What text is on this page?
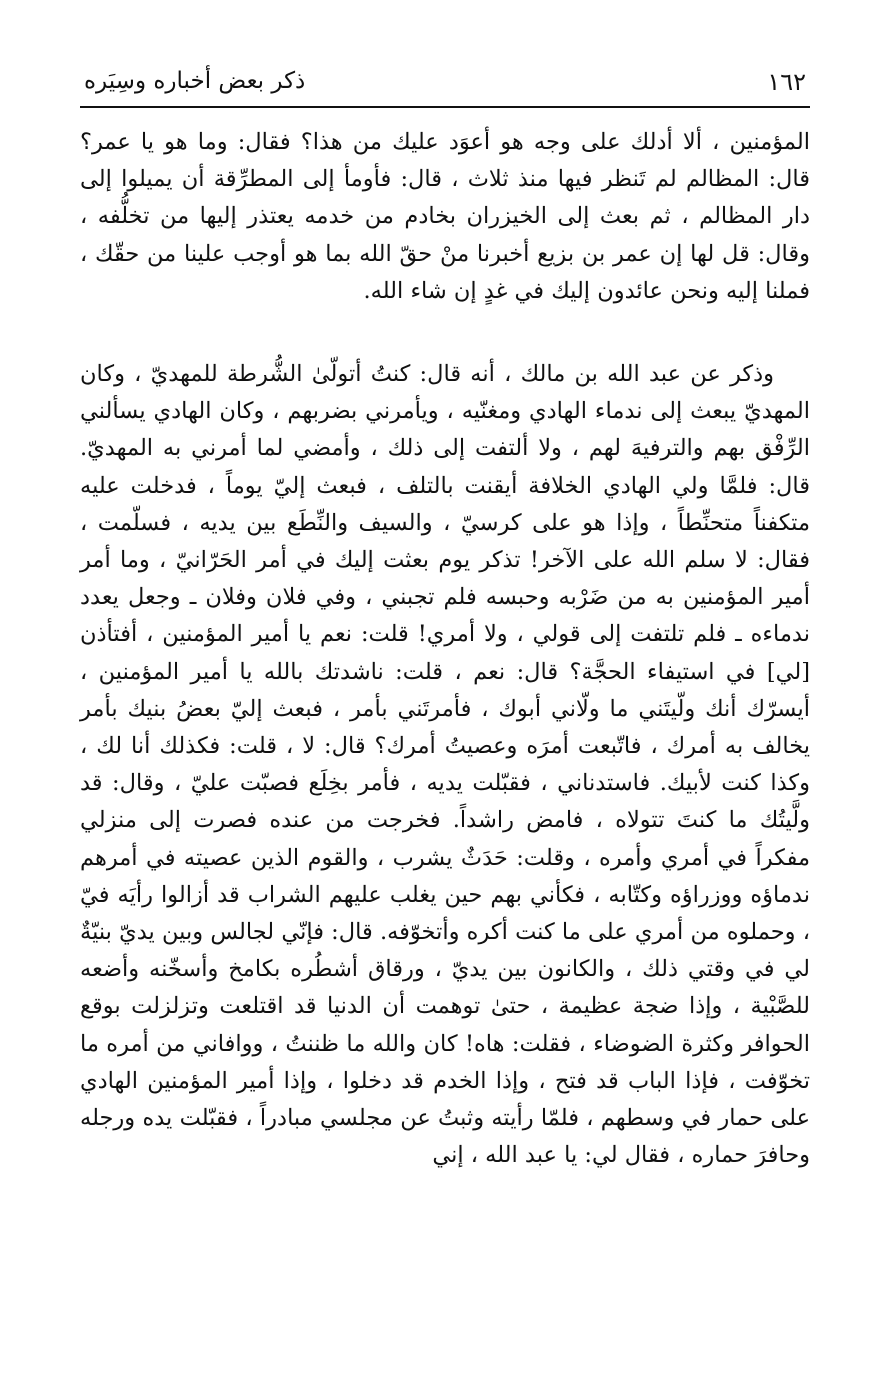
١٦٢
ذكر بعض أخباره وسِيَره

المؤمنين ، ألا أدلك على وجه هو أعوَد عليك من هذا؟ فقال: وما هو يا عمر؟ قال: المظالم لم تَنظر فيها منذ ثلاث ، قال: فأومأ إلى المطرِّقة أن يميلوا إلى دار المظالم ، ثم بعث إلى الخيزران بخادم من خدمه يعتذر إليها من تخلُّفه ، وقال: قل لها إن عمر بن بزيع أخبرنا منْ حقّ الله بما هو أوجب علينا من حقّك ، فملنا إليه ونحن عائدون إليك في غدٍ إن شاء الله.

وذكر عن عبد الله بن مالك ، أنه قال: كنتُ أتولّىٰ الشُّرطة للمهديّ ، وكان المهديّ يبعث إلى ندماء الهادي ومغنّيه ، ويأمرني بضربهم ، وكان الهادي يسألني الرِّفْق بهم والترفيهَ لهم ، ولا ألتفت إلى ذلك ، وأمضي لما أمرني به المهديّ. قال: فلمَّا ولي الهادي الخلافة أيقنت بالتلف ، فبعث إليّ يوماً ، فدخلت عليه متكفناً متحنِّطاً ، وإذا هو على كرسيّ ، والسيف والنِّطَع بين يديه ، فسلّمت ، فقال: لا سلم الله على الآخر! تذكر يوم بعثت إليك في أمر الحَرّانيّ ، وما أمر أمير المؤمنين به من ضَرْبه وحبسه فلم تجبني ، وفي فلان وفلان ـ وجعل يعدد ندماءه ـ فلم تلتفت إلى قولي ، ولا أمري! قلت: نعم يا أمير المؤمنين ، أفتأذن [لي] في استيفاء الحجَّة؟ قال: نعم ، قلت: ناشدتك بالله يا أمير المؤمنين ، أيسرّك أنك ولّيتَني ما ولّاني أبوك ، فأمرتَني بأمر ، فبعث إليّ بعضُ بنيك بأمر يخالف به أمرك ، فاتّبعت أمرَه وعصيتُ أمرك؟ قال: لا ، قلت: فكذلك أنا لك ، وكذا كنت لأبيك. فاستدناني ، فقبّلت يديه ، فأمر بخِلَع فصبّت عليّ ، وقال: قد ولَّيتُك ما كنتَ تتولاه ، فامض راشداً. فخرجت من عنده فصرت إلى منزلي مفكراً في أمري وأمره ، وقلت: حَدَثٌ يشرب ، والقوم الذين عصيته في أمرهم ندماؤه ووزراؤه وكتّابه ، فكأني بهم حين يغلب عليهم الشراب قد أزالوا رأيَه فيّ ، وحملوه من أمري على ما كنت أكره وأتخوّفه. قال: فإنّي لجالس وبين يديّ بنيّةٌ لي في وقتي ذلك ، والكانون بين يديّ ، ورقاق أشطُره بكامخ وأسخّنه وأضعه للصَّبْية ، وإذا ضجة عظيمة ، حتىٰ توهمت أن الدنيا قد اقتلعت وتزلزلت بوقع الحوافر وكثرة الضوضاء ، فقلت: هاه! كان والله ما ظننتُ ، ووافاني من أمره ما تخوّفت ، فإذا الباب قد فتح ، وإذا الخدم قد دخلوا ، وإذا أمير المؤمنين الهادي على حمار في وسطهم ، فلمّا رأيته وثبتُ عن مجلسي مبادراً ، فقبّلت يده ورجله وحافرَ حماره ، فقال لي: يا عبد الله ، إني
